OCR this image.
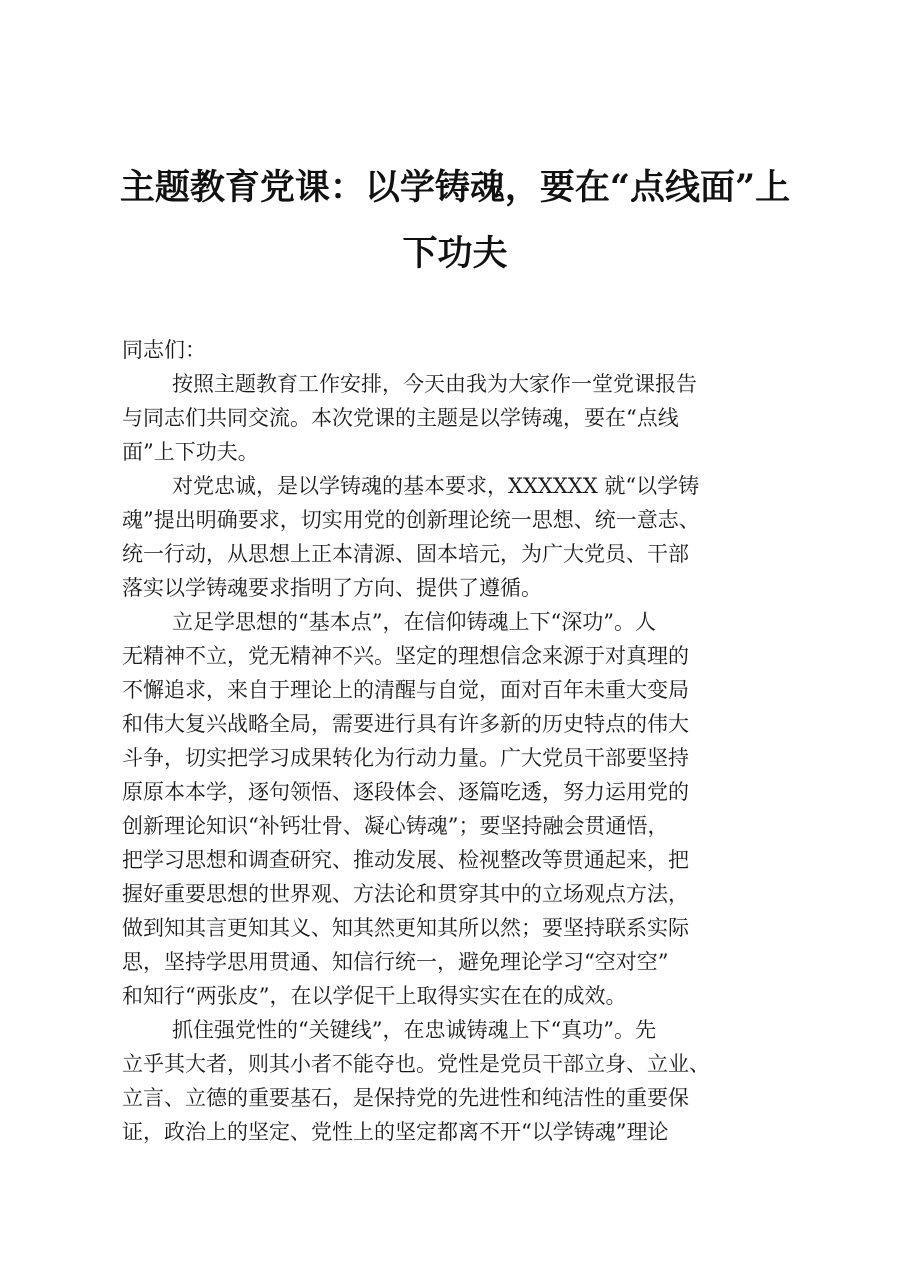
主题教育党课：以学铸魂，要在“点线面”上
下功夫

同志们：

按照主题教育工作安排，今天由我为大家作一堂党课报告

与同志们共同交流。本次党课的主题是以学铸魂，要在“点线

面”上下功夫。

对党忠诚，是以学铸魂的基本要求，XXXXXX 就“以学铸

魂”提出明确要求，切实用党的创新理论统一思想、统一意志、

统一行动，从思想上正本清源、固本培元，为广大党员、干部

落实以学铸魂要求指明了方向、提供了遵循。

立足学思想的“基本点”，在信仰铸魂上下“深功”。人

无精神不立，党无精神不兴。坚定的理想信念来源于对真理的

不懈追求，来自于理论上的清醒与自觉，面对百年未重大变局

和伟大复兴战略全局，需要进行具有许多新的历史特点的伟大

斗争，切实把学习成果转化为行动力量。广大党员干部要坚持

原原本本学，逐句领悟、逐段体会、逐篇吃透，努力运用党的

创新理论知识“补钙壮骨、凝心铸魂”；要坚持融会贯通悟，

把学习思想和调查研究、推动发展、检视整改等贯通起来，把

握好重要思想的世界观、方法论和贯穿其中的立场观点方法，

做到知其言更知其义、知其然更知其所以然；要坚持联系实际

思，坚持学思用贯通、知信行统一，避免理论学习“空对空”

和知行“两张皮”，在以学促干上取得实实在在的成效。

抓住强党性的“关键线”，在忠诚铸魂上下“真功”。先

立乎其大者，则其小者不能夺也。党性是党员干部立身、立业、

立言、立德的重要基石，是保持党的先进性和纯洁性的重要保

证，政治上的坚定、党性上的坚定都离不开“以学铸魂”理论
